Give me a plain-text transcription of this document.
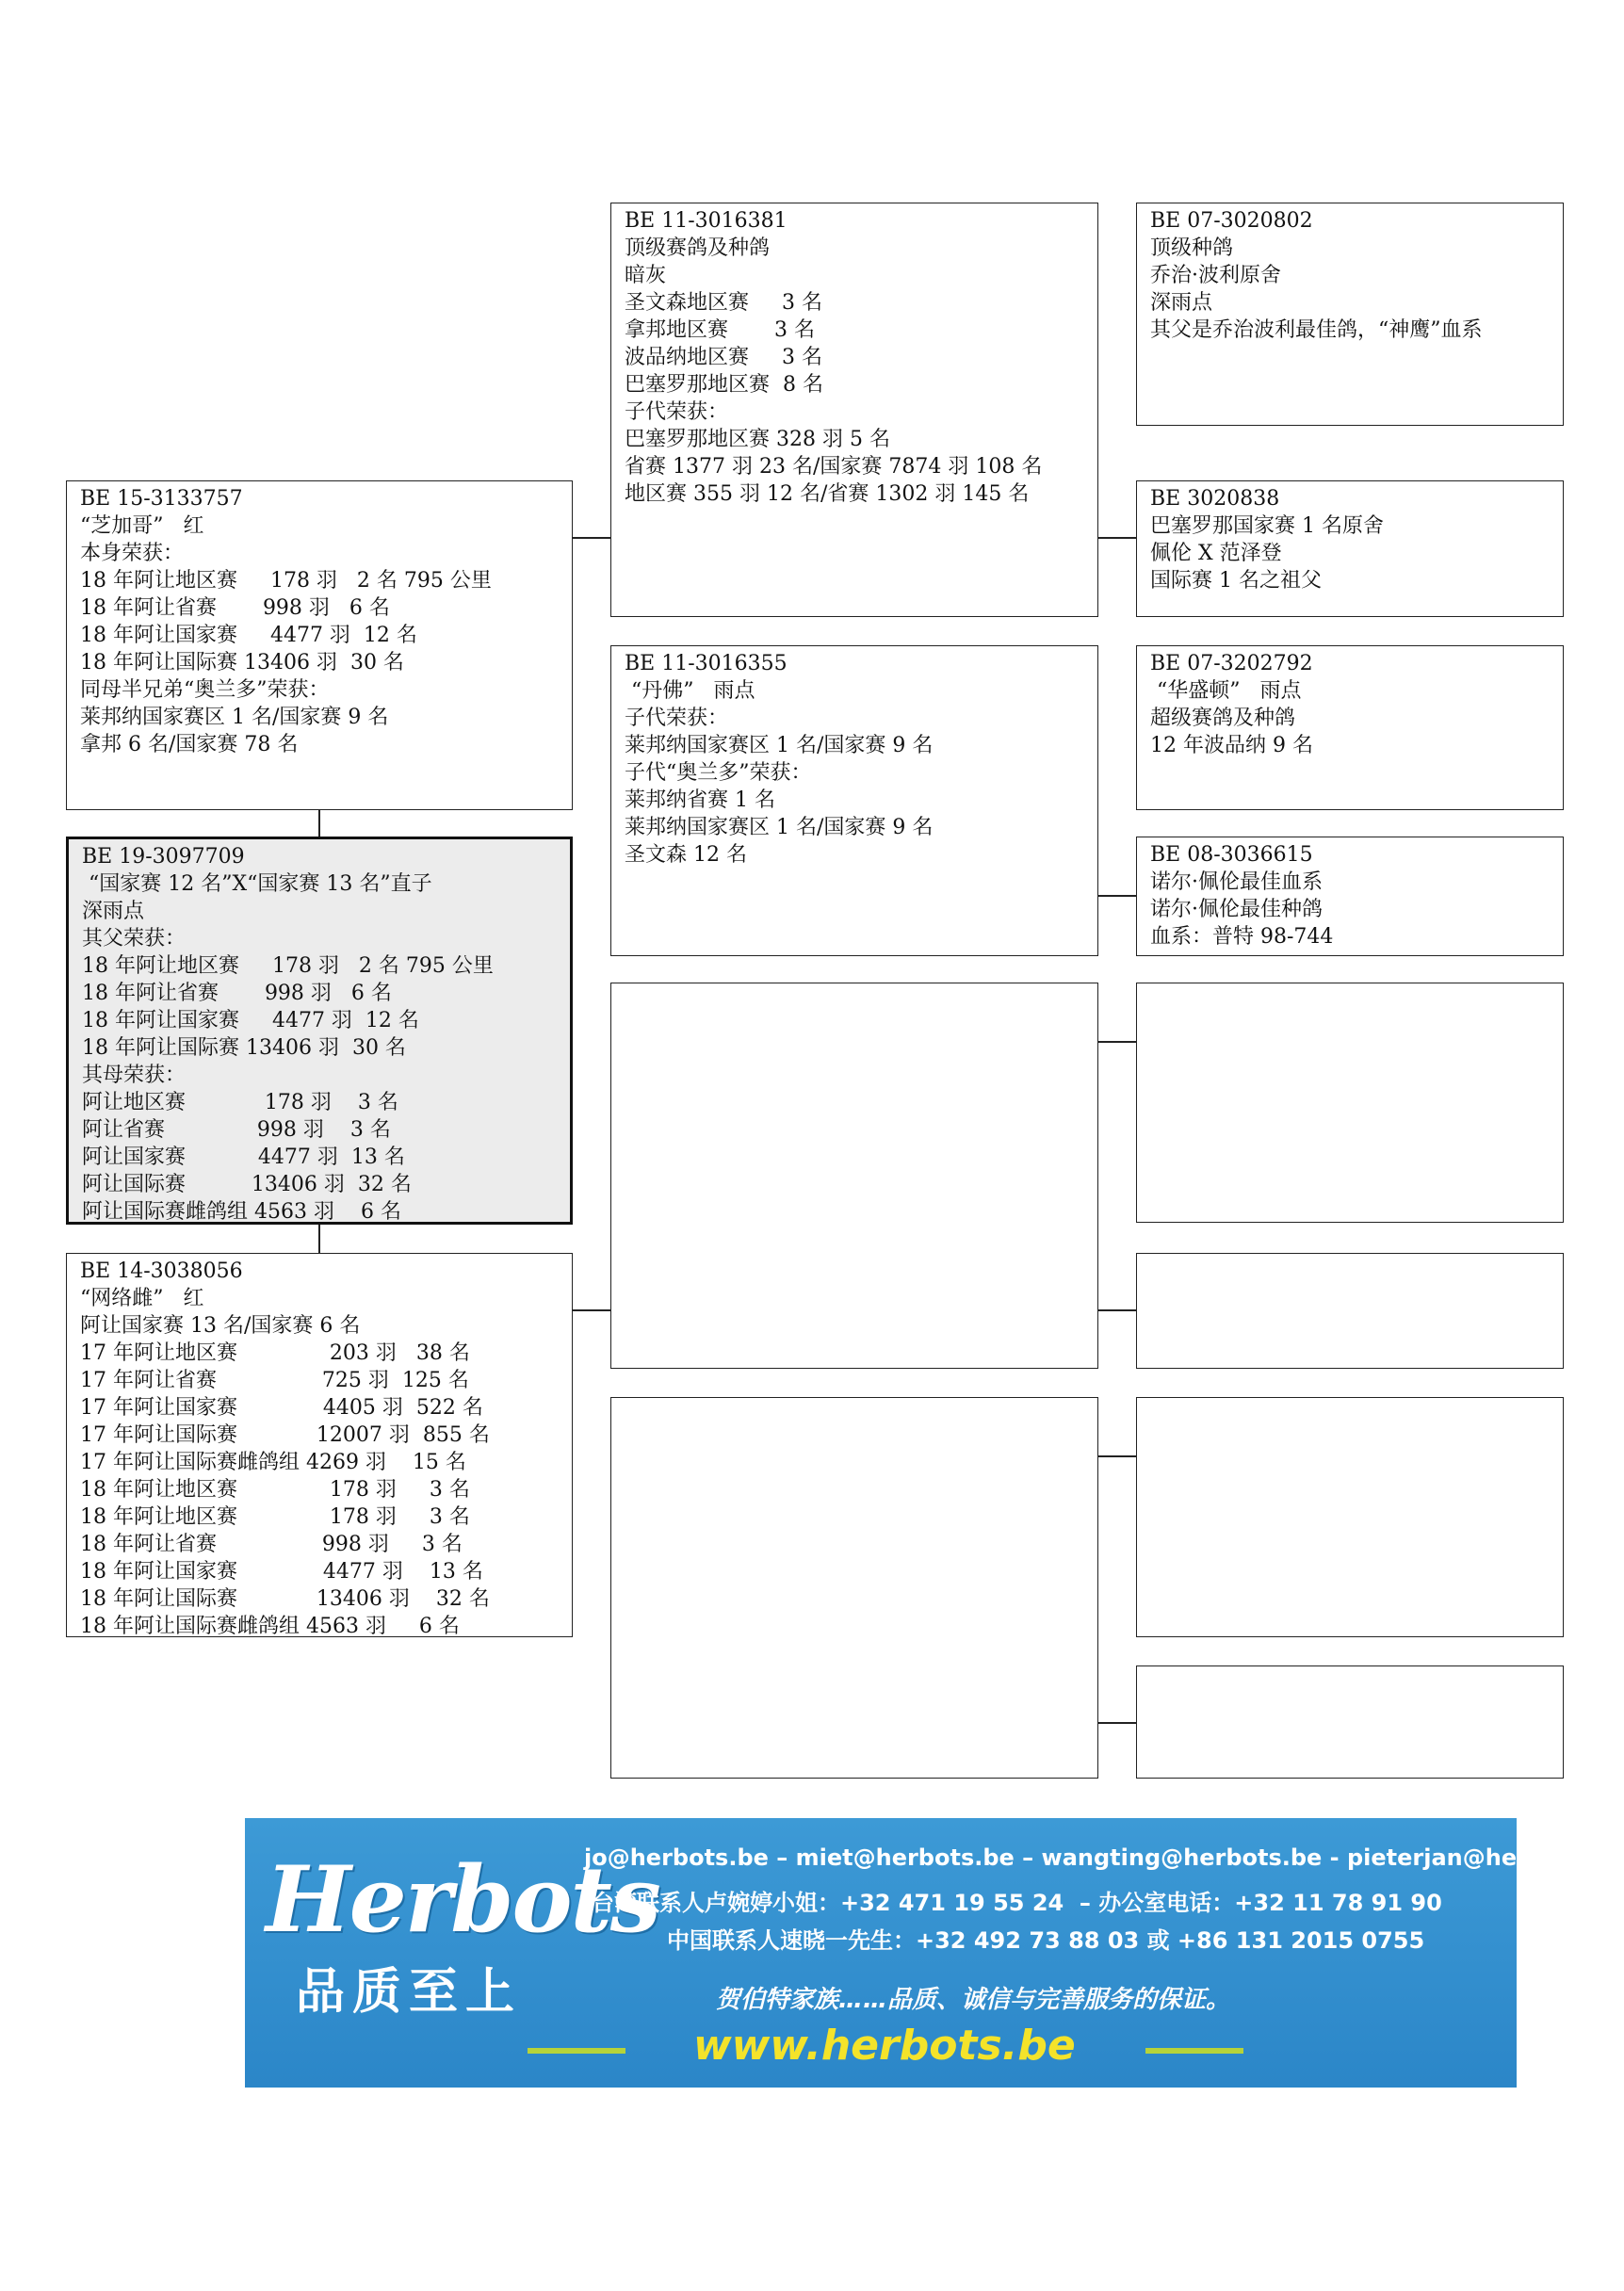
BE 19-3097709
“国家赛 12 名”X“国家赛 13 名”直子
深雨点
其父荣获：
18 年阿让地区赛     178 羽   2 名 795 公里
18 年阿让省赛       998 羽   6 名
18 年阿让国家赛     4477 羽  12 名
18 年阿让国际赛 13406 羽  30 名
其母荣获：
阿让地区赛            178 羽    3 名
阿让省赛              998 羽    3 名
阿让国家赛           4477 羽  13 名
阿让国际赛          13406 羽  32 名
阿让国际赛雌鸽组 4563 羽    6 名
BE 15-3133757
“芝加哥”   红
本身荣获：
18 年阿让地区赛     178 羽   2 名 795 公里
18 年阿让省赛       998 羽   6 名
18 年阿让国家赛     4477 羽  12 名
18 年阿让国际赛 13406 羽  30 名
同母半兄弟“奥兰多”荣获：
莱邦纳国家赛区 1 名/国家赛 9 名
拿邦 6 名/国家赛 78 名
BE 14-3038056
“网络雌”   红
阿让国家赛 13 名/国家赛 6 名
17 年阿让地区赛              203 羽   38 名
17 年阿让省赛                725 羽  125 名
17 年阿让国家赛             4405 羽  522 名
17 年阿让国际赛            12007 羽  855 名
17 年阿让国际赛雌鸽组 4269 羽    15 名
18 年阿让地区赛              178 羽     3 名
18 年阿让地区赛              178 羽     3 名
18 年阿让省赛                998 羽     3 名
18 年阿让国家赛             4477 羽    13 名
18 年阿让国际赛            13406 羽    32 名
18 年阿让国际赛雌鸽组 4563 羽     6 名
BE 11-3016381
顶级赛鸽及种鸽
暗灰
圣文森地区赛     3 名
拿邦地区赛       3 名
波品纳地区赛     3 名
巴塞罗那地区赛  8 名
子代荣获：
巴塞罗那地区赛 328 羽 5 名
省赛 1377 羽 23 名/国家赛 7874 羽 108 名
地区赛 355 羽 12 名/省赛 1302 羽 145 名
BE 11-3016355
“丹佛”   雨点
子代荣获：
莱邦纳国家赛区 1 名/国家赛 9 名
子代“奥兰多”荣获：
莱邦纳省赛 1 名
莱邦纳国家赛区 1 名/国家赛 9 名
圣文森 12 名
BE 07-3020802
顶级种鸽
乔治·波利原舍
深雨点
其父是乔治波利最佳鸽，“神鹰”血系
BE 3020838
巴塞罗那国家赛 1 名原舍
佩伦 X 范泽登
国际赛 1 名之祖父
BE 07-3202792
“华盛顿”   雨点
超级赛鸽及种鸽
12 年波品纳 9 名
BE 08-3036615
诺尔·佩伦最佳血系
诺尔·佩伦最佳种鸽
血系：普特 98-744
Herbots
品质至上
jo@herbots.be – miet@herbots.be – wangting@herbots.be - pieterjan@herbots.be
台湾联系人卢婉婷小姐：+32 471 19 55 24  – 办公室电话：+32 11 78 91 90
中国联系人速晓一先生：+32 492 73 88 03 或 +86 131 2015 0755
贺伯特家族……品质、诚信与完善服务的保证。
www.herbots.be
